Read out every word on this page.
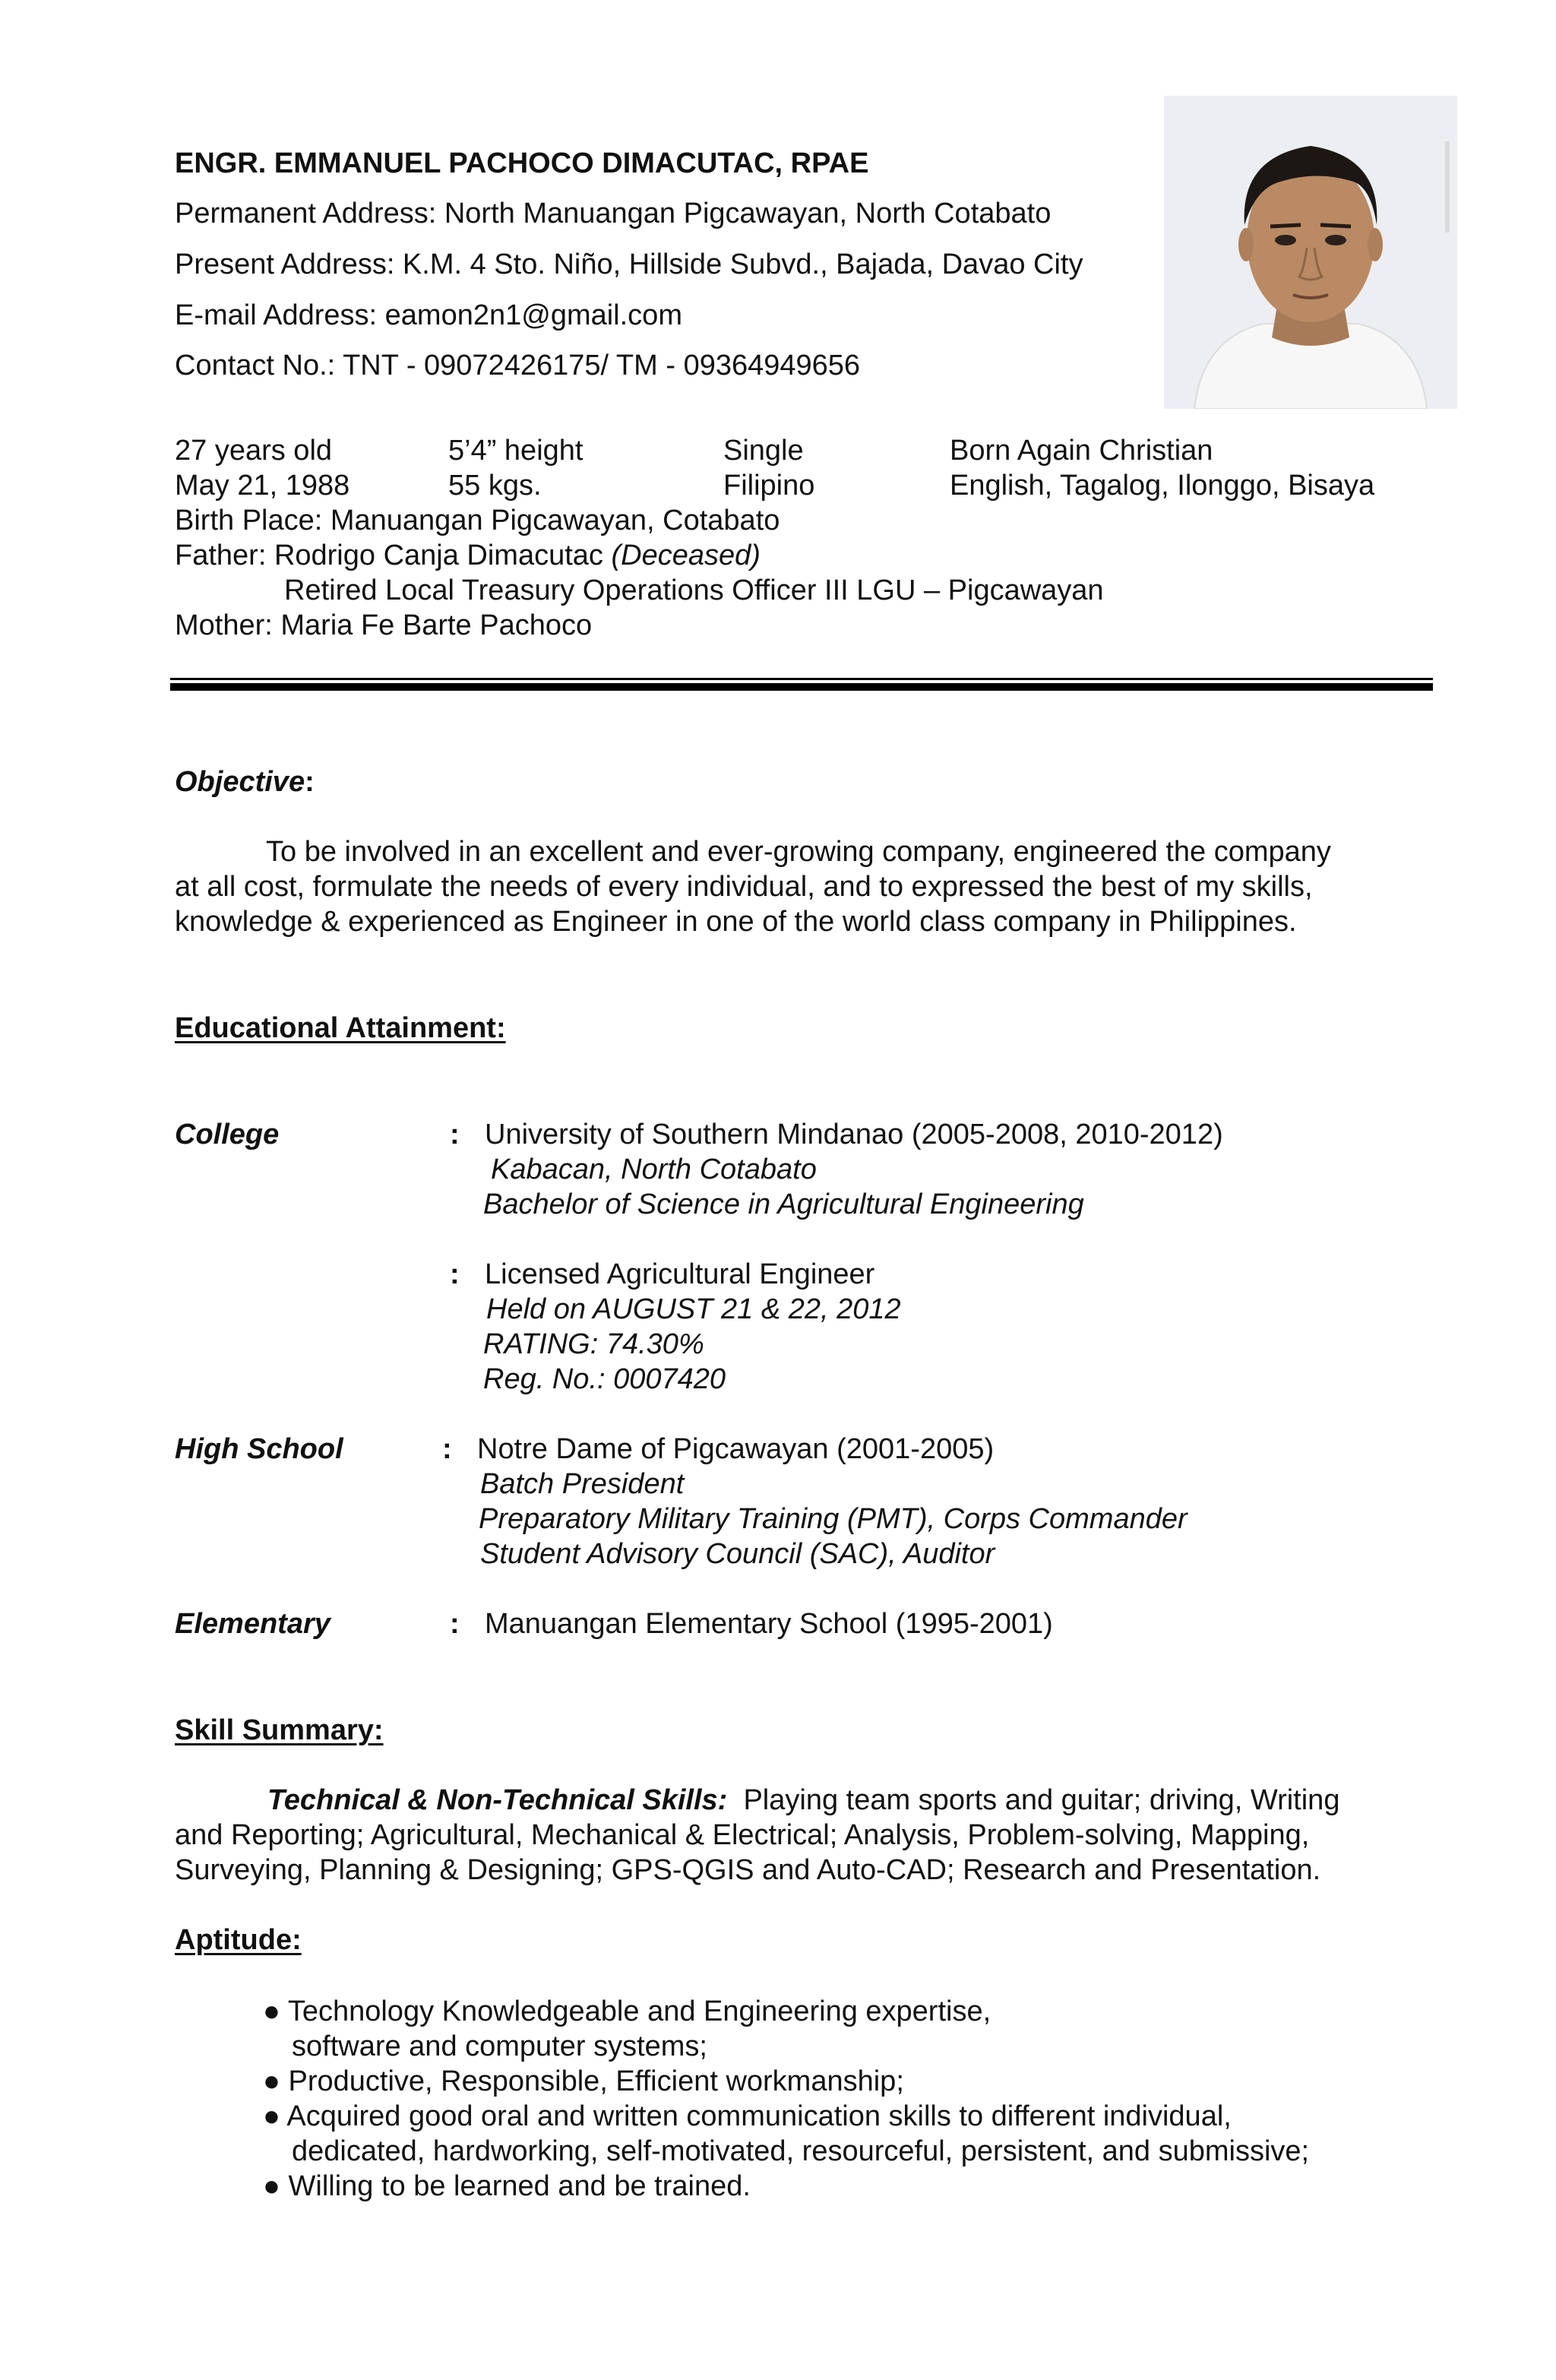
ENGR. EMMANUEL PACHOCO DIMACUTAC, RPAE
Permanent Address: North Manuangan Pigcawayan, North Cotabato
Present Address: K.M. 4 Sto. Niño, Hillside Subvd., Bajada, Davao City
E-mail Address: eamon2n1@gmail.com
Contact No.: TNT - 09072426175/ TM - 09364949656
27 years old	5’4” height	Single	Born Again Christian
May 21, 1988	55 kgs.	Filipino	English, Tagalog, Ilonggo, Bisaya
Birth Place: Manuangan Pigcawayan, Cotabato
Father: Rodrigo Canja Dimacutac (Deceased)
Retired Local Treasury Operations Officer III LGU – Pigcawayan
Mother: Maria Fe Barte Pachoco
Objective:
To be involved in an excellent and ever-growing company, engineered the company
at all cost, formulate the needs of every individual, and to expressed the best of my skills,
knowledge & experienced as Engineer in one of the world class company in Philippines.
Educational Attainment:
College	: University of Southern Mindanao (2005-2008, 2010-2012)
Kabacan, North Cotabato
Bachelor of Science in Agricultural Engineering
: Licensed Agricultural Engineer
Held on AUGUST 21 & 22, 2012
RATING: 74.30%
Reg. No.: 0007420
High School	: Notre Dame of Pigcawayan (2001-2005)
Batch President
Preparatory Military Training (PMT), Corps Commander
Student Advisory Council (SAC), Auditor
Elementary	: Manuangan Elementary School (1995-2001)
Skill Summary:
Technical & Non-Technical Skills: Playing team sports and guitar; driving, Writing
and Reporting; Agricultural, Mechanical & Electrical; Analysis, Problem-solving, Mapping,
Surveying, Planning & Designing; GPS-QGIS and Auto-CAD; Research and Presentation.
Aptitude:
● Technology Knowledgeable and Engineering expertise,
software and computer systems;
● Productive, Responsible, Efficient workmanship;
● Acquired good oral and written communication skills to different individual,
dedicated, hardworking, self-motivated, resourceful, persistent, and submissive;
● Willing to be learned and be trained.
